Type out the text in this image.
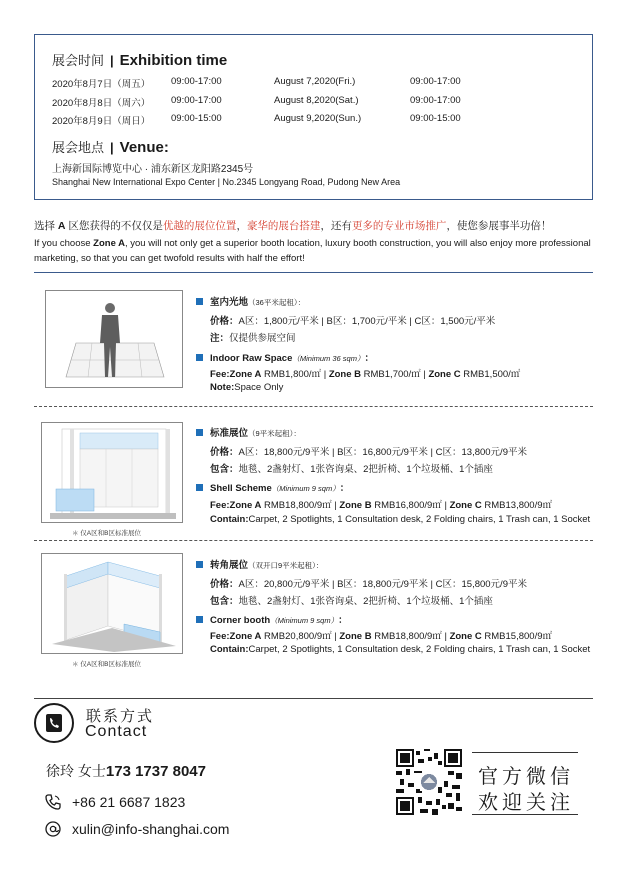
展会时间 | Exhibition time
2020年8月7日（周五） 09:00-17:00	August 7,2020(Fri.)	09:00-17:00
2020年8月8日（周六） 09:00-17:00	August 8,2020(Sat.)	09:00-17:00
2020年8月9日（周日） 09:00-15:00	August 9,2020(Sun.)	09:00-15:00
展会地点 | Venue:
上海新国际博览中心 · 浦东新区龙阳路2345号
Shanghai New International Expo Center | No.2345 Longyang Road, Pudong New Area
选择 A 区您获得的不仅仅是优越的展位位置，豪华的展台搭建，还有更多的专业市场推广，使您参展事半功倍！
If you choose Zone A, you will not only get a superior booth location, luxury booth construction, you will also enjoy more professional marketing, so that you can get twofold results with half the effort!
室内光地（36平米起租）：
价格：A区：1,800元/平米 | B区：1,700元/平米 | C区：1,500元/平米
注：仅提供参展空间
Indoor Raw Space（Minimum 36 sqm）：
Fee:Zone A RMB1,800/㎡ | Zone B RMB1,700/㎡ | Zone C RMB1,500/㎡
Note:Space Only
＊ 仅A区和B区标准展位
标准展位（9平米起租）：
价格：A区：18,800元/9平米 | B区：16,800元/9平米 | C区：13,800元/9平米
包含：地毯、2盏射灯、1张咨询桌、2把折椅、1个垃圾桶、1个插座
Shell Scheme（Minimum 9 sqm）：
Fee:Zone A RMB18,800/9㎡ | Zone B RMB16,800/9㎡ | Zone C RMB13,800/9㎡
Contain:Carpet, 2 Spotlights, 1 Consultation desk, 2 Folding chairs, 1 Trash can, 1 Socket
＊ 仅A区和B区标准展位
转角展位（双开口9平米起租）：
价格：A区：20,800元/9平米 | B区：18,800元/9平米 | C区：15,800元/9平米
包含：地毯、2盏射灯、1张咨询桌、2把折椅、1个垃圾桶、1个插座
Corner booth（Minimum 9 sqm）：
Fee:Zone A RMB20,800/9㎡ | Zone B RMB18,800/9㎡ | Zone C RMB15,800/9㎡
Contain:Carpet, 2 Spotlights, 1 Consultation desk, 2 Folding chairs, 1 Trash can, 1 Socket
联系方式
Contact
徐玲 女士173 1737 8047
+86 21 6687 1823
xulin@info-shanghai.com
官方微信
欢迎关注
